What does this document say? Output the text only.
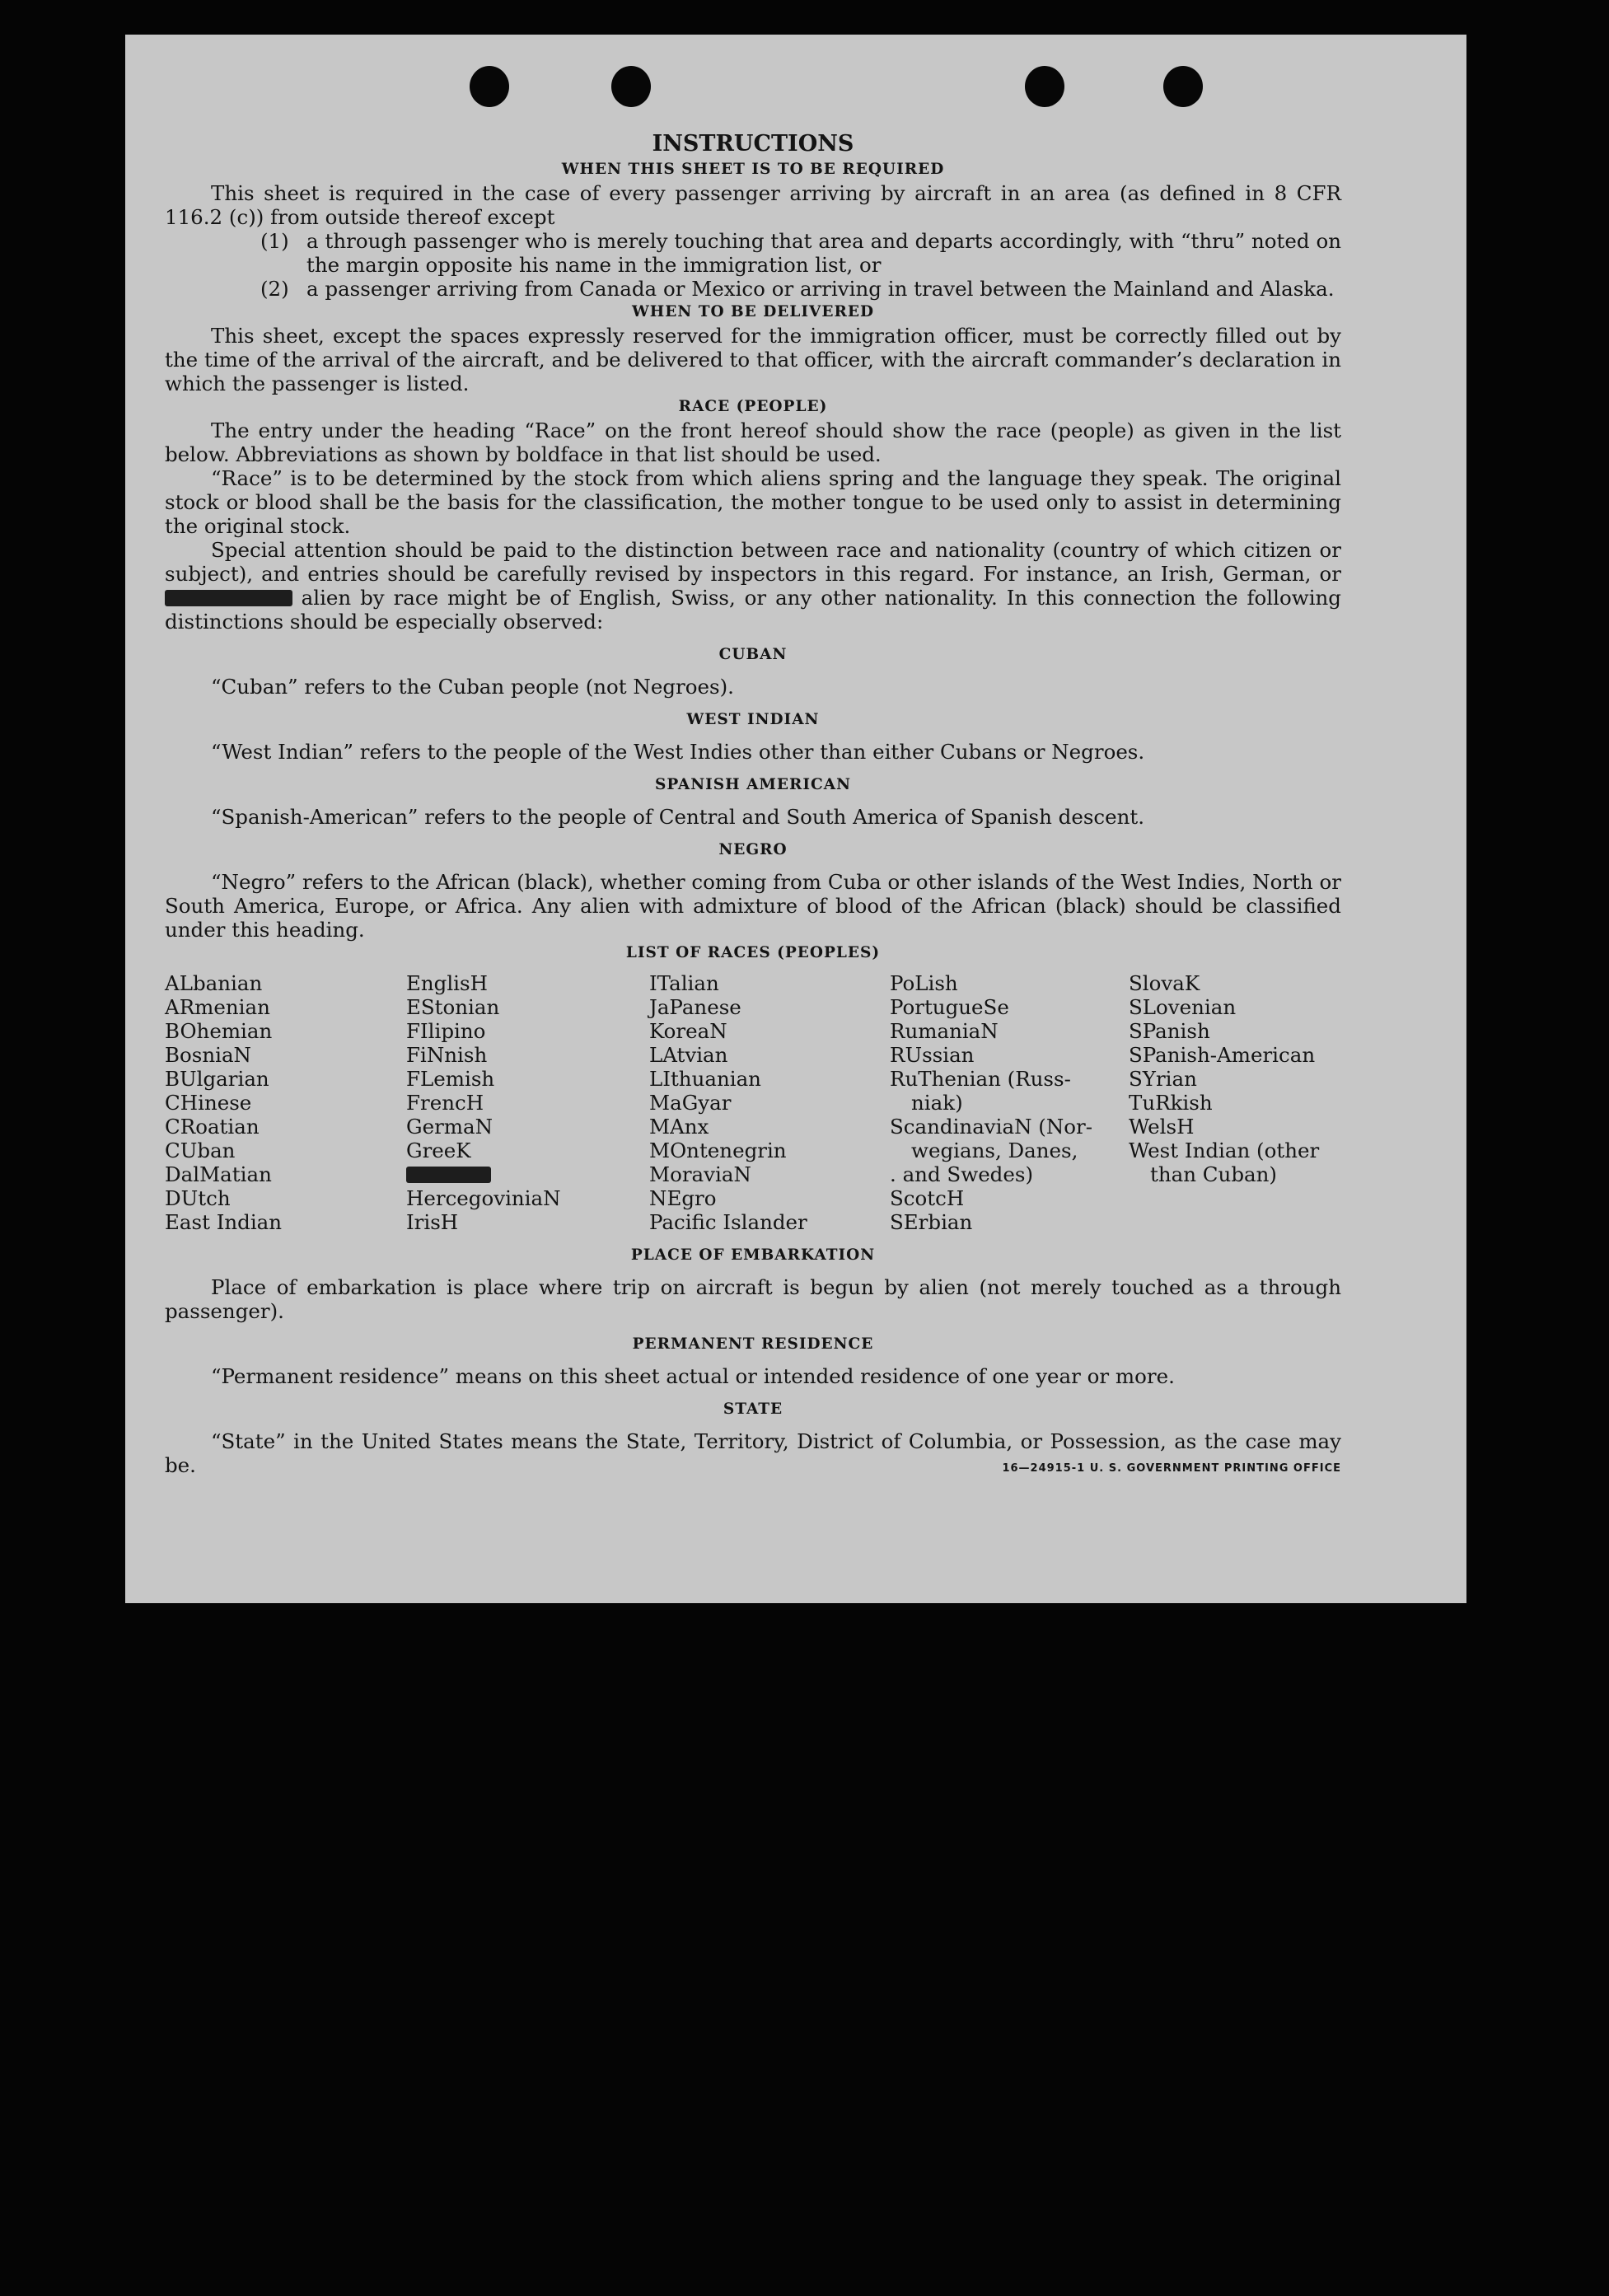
INSTRUCTIONS
WHEN THIS SHEET IS TO BE REQUIRED

This sheet is required in the case of every passenger arriving by aircraft in an area (as defined in 8 CFR 116.2 (c)) from outside thereof except

(1) a through passenger who is merely touching that area and departs accordingly, with “thru” noted on the margin opposite his name in the immigration list, or
(2) a passenger arriving from Canada or Mexico or arriving in travel between the Mainland and Alaska.
WHEN TO BE DELIVERED

This sheet, except the spaces expressly reserved for the immigration officer, must be correctly filled out by the time of the arrival of the aircraft, and be delivered to that officer, with the aircraft commander’s declaration in which the passenger is listed.

RACE (PEOPLE)

The entry under the heading “Race” on the front hereof should show the race (people) as given in the list below. Abbreviations as shown by boldface in that list should be used.

“Race” is to be determined by the stock from which aliens spring and the language they speak. The original stock or blood shall be the basis for the classification, the mother tongue to be used only to assist in determining the original stock.

Special attention should be paid to the distinction between race and nationality (country of which citizen or subject), and entries should be carefully revised by inspectors in this regard. For instance, an Irish, German, or  alien by race might be of English, Swiss, or any other nationality. In this connection the following distinctions should be especially observed:

CUBAN

“Cuban” refers to the Cuban people (not Negroes).

WEST INDIAN

“West Indian” refers to the people of the West Indies other than either Cubans or Negroes.

SPANISH AMERICAN

“Spanish-American” refers to the people of Central and South America of Spanish descent.

NEGRO

“Negro” refers to the African (black), whether coming from Cuba or other islands of the West Indies, North or South America, Europe, or Africa. Any alien with admixture of blood of the African (black) should be classified under this heading.

LIST OF RACES (PEOPLES)
ALbanian
ARmenian
BOhemian
BosniaN
BUlgarian
CHinese
CRoatian
CUban
DalMatian
DUtch
East Indian
EnglisH
EStonian
FIlipino
FiNnish
FLemish
FrencH
GermaN
GreeK
HercegoviniaN
IrisH
ITalian
JaPanese
KoreaN
LAtvian
LIthuanian
MaGyar
MAnx
MOntenegrin
MoraviaN
NEgro
Pacific Islander
PoLish
PortugueSe
RumaniaN
RUssian
RuThenian (Russ-
niak)
ScandinaviaN (Nor-
wegians, Danes,
. and Swedes)
ScotcH
SErbian
SlovaK
SLovenian
SPanish
SPanish-American
SYrian
TuRkish
WelsH
West Indian (other
than Cuban)
PLACE OF EMBARKATION

Place of embarkation is place where trip on aircraft is begun by alien (not merely touched as a through passenger).

PERMANENT RESIDENCE

“Permanent residence” means on this sheet actual or intended residence of one year or more.

STATE

“State” in the United States means the State, Territory, District of Columbia, or Possession, as the case may be.	16—24915-1 U. S. GOVERNMENT PRINTING OFFICE
